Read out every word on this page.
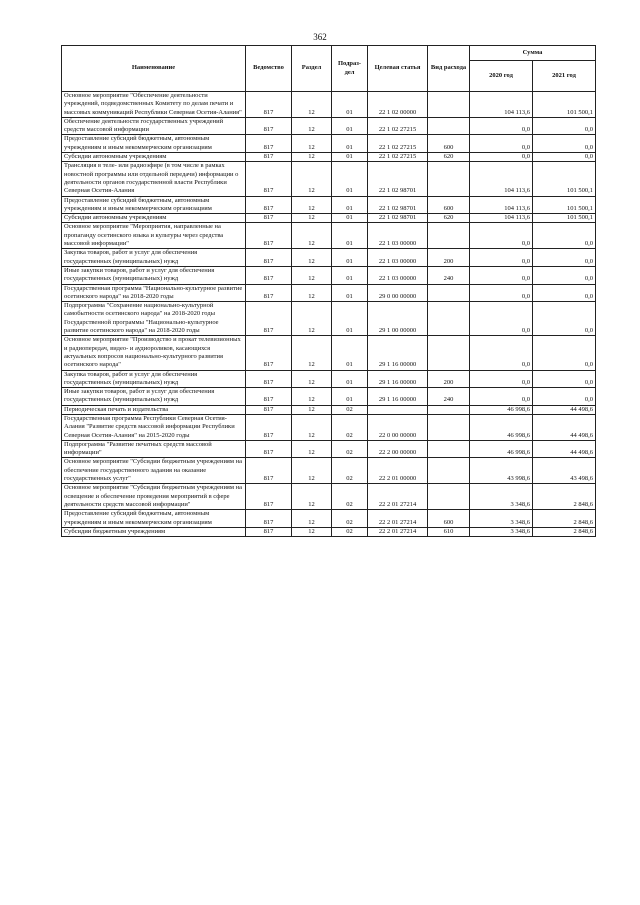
362
Наименование	Ведомство	Раздел	Подраз-дел	Целевая статья	Вид расхода	Сумма	
						2020 год	2021 год
Основное мероприятие "Обеспечение деятельности учреждений, подведомственных Комитету по делам печати и массовых коммуникаций Республики Северная Осетия-Алания"	817	12	01	22 1 02 00000		104 113,6	101 500,1
Обеспечение деятельности государственных учреждений средств массовой информации	817	12	01	22 1 02 27215		0,0	0,0
Предоставление субсидий бюджетным, автономным учреждениям и иным некоммерческим организациям	817	12	01	22 1 02 27215	600	0,0	0,0
Субсидии автономным учреждениям	817	12	01	22 1 02 27215	620	0,0	0,0
Трансляция в теле- или радиоэфире (в том числе в рамках новостной программы или отдельной передачи) информации о деятельности органов государственной власти Республики Северная Осетия-Алания	817	12	01	22 1 02 98701		104 113,6	101 500,1
Предоставление субсидий бюджетным, автономным учреждениям и иным некоммерческим организациям	817	12	01	22 1 02 98701	600	104 113,6	101 500,1
Субсидии автономным учреждениям	817	12	01	22 1 02 98701	620	104 113,6	101 500,1
Основное мероприятие "Мероприятия, направленные на пропаганду осетинского языка и культуры через средства массовой информации"	817	12	01	22 1 03 00000		0,0	0,0
Закупка товаров, работ и услуг для обеспечения государственных (муниципальных) нужд	817	12	01	22 1 03 00000	200	0,0	0,0
Иные закупки товаров, работ и услуг для обеспечения государственных (муниципальных) нужд	817	12	01	22 1 03 00000	240	0,0	0,0
Государственная программа "Национально-культурное развитие осетинского народа" на 2018-2020 годы	817	12	01	29 0 00 00000		0,0	0,0
Подпрограмма "Сохранение национально-культурной самобытности осетинского народа" на 2018-2020 годы Государственной программы "Национально-культурное развитие осетинского народа" на 2018-2020 годы	817	12	01	29 1 00 00000		0,0	0,0
Основное мероприятие "Производство и прокат телевизионных и радиопередач, видео- и аудиороликов, касающихся актуальных вопросов национально-культурного развития осетинского народа"	817	12	01	29 1 16 00000		0,0	0,0
Закупка товаров, работ и услуг для обеспечения государственных (муниципальных) нужд	817	12	01	29 1 16 00000	200	0,0	0,0
Иные закупки товаров, работ и услуг для обеспечения государственных (муниципальных) нужд	817	12	01	29 1 16 00000	240	0,0	0,0
Периодическая печать и издательства	817	12	02			46 998,6	44 498,6
Государственная программа Республики Северная Осетия-Алания "Развитие средств массовой информации Республики Северная Осетия-Алания" на 2015-2020 годы	817	12	02	22 0 00 00000		46 998,6	44 498,6
Подпрограмма "Развитие печатных средств массовой информации"	817	12	02	22 2 00 00000		46 998,6	44 498,6
Основное мероприятие "Субсидии бюджетным учреждениям на обеспечение государственного задания на оказание государственных услуг"	817	12	02	22 2 01 00000		43 998,6	43 498,6
Основное мероприятие "Субсидии бюджетным учреждениям на освещение и обеспечение проведения мероприятий в сфере деятельности средств массовой информации"	817	12	02	22 2 01 27214		3 348,6	2 848,6
Предоставление субсидий бюджетным, автономным учреждениям и иным некоммерческим организациям	817	12	02	22 2 01 27214	600	3 348,6	2 848,6
Субсидии бюджетным учреждениям	817	12	02	22 2 01 27214	610	3 348,6	2 848,6
